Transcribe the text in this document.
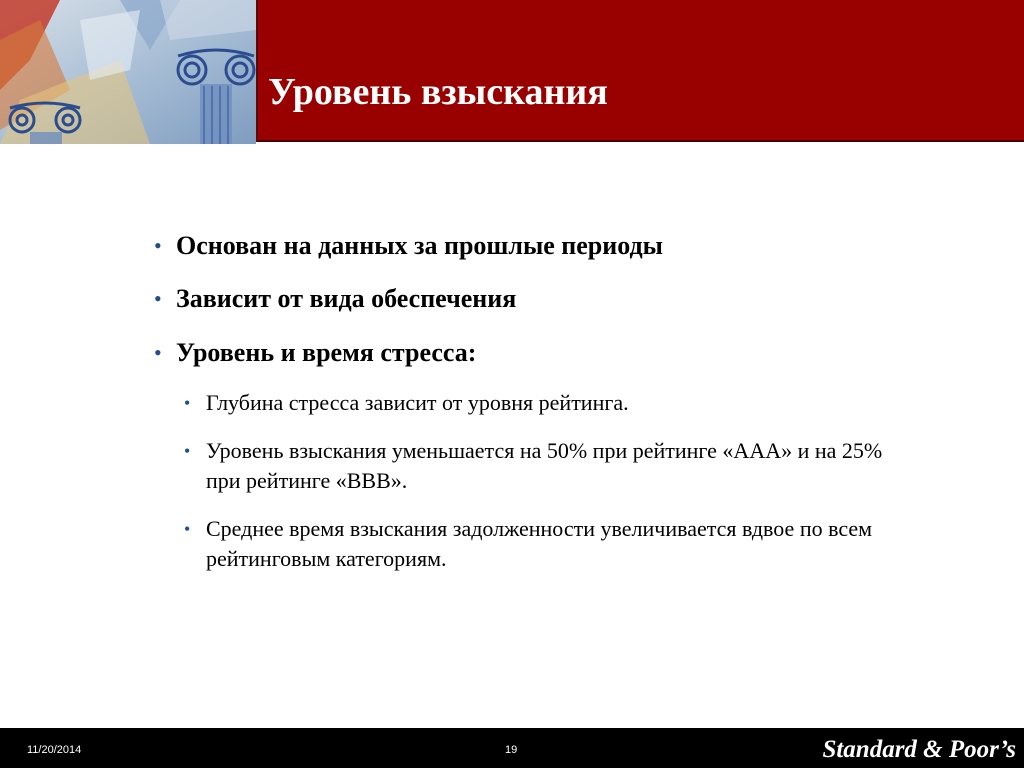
Уровень взыскания
• Основан на данных за прошлые периоды
• Зависит от вида обеспечения
• Уровень и время стресса:
• Глубина стресса зависит от уровня рейтинга.
• Уровень взыскания уменьшается на 50% при рейтинге «ААА» и на 25% при рейтинге «BBB».
• Среднее время взыскания задолженности увеличивается вдвое по всем рейтинговым категориям.
11/20/2014	19	Standard & Poor’s
